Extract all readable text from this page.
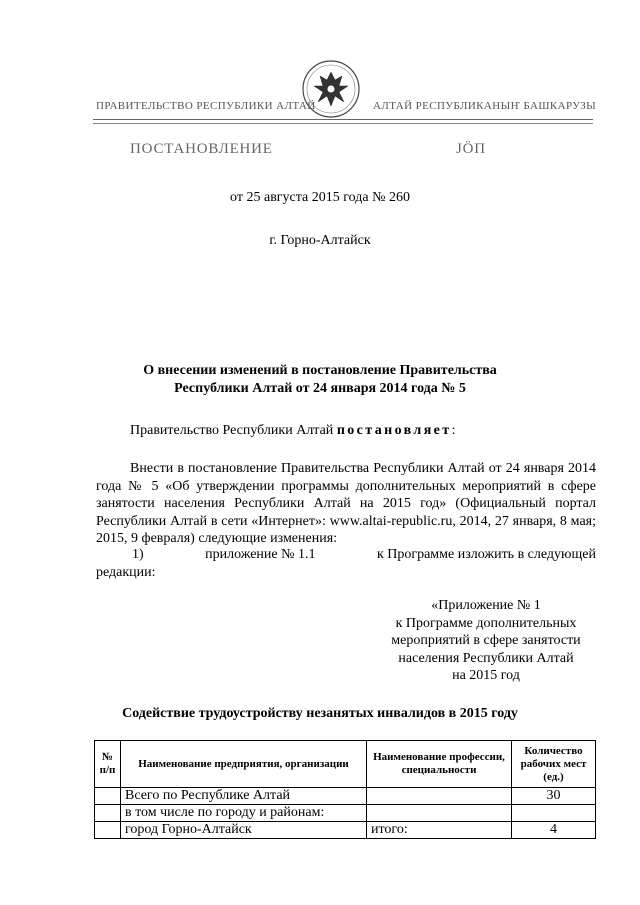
ПРАВИТЕЛЬСТВО РЕСПУБЛИКИ АЛТАЙ	АЛТАЙ РЕСПУБЛИКАНЫҤ БАШКАРУЗЫ
ПОСТАНОВЛЕНИЕ	JÖП
от 25 августа 2015 года № 260
г. Горно-Алтайск
О внесении изменений в постановление Правительства
Республики Алтай от 24 января 2014 года № 5
Правительство Республики Алтай постановляет:
Внести в постановление Правительства Республики Алтай от 24 января 2014 года № 5 «Об утверждении программы дополнительных мероприятий в сфере занятости населения Республики Алтай на 2015 год» (Официальный портал Республики Алтай в сети «Интернет»: www.altai-republic.ru, 2014, 27 января, 8 мая; 2015, 9 февраля) следующие изменения:
1)	приложение № 1.1	к Программе изложить в следующей
редакции:
«Приложение № 1
к Программе дополнительных
мероприятий в сфере занятости
населения Республики Алтай
на 2015 год
Содействие трудоустройству незанятых инвалидов в 2015 году
№ п/п	Наименование предприятия, организации	Наименование профессии, специальности	Количество рабочих мест (ед.)
	Всего по Республике Алтай		30
	в том числе по городу и районам:		
	город Горно-Алтайск	итого:	4
